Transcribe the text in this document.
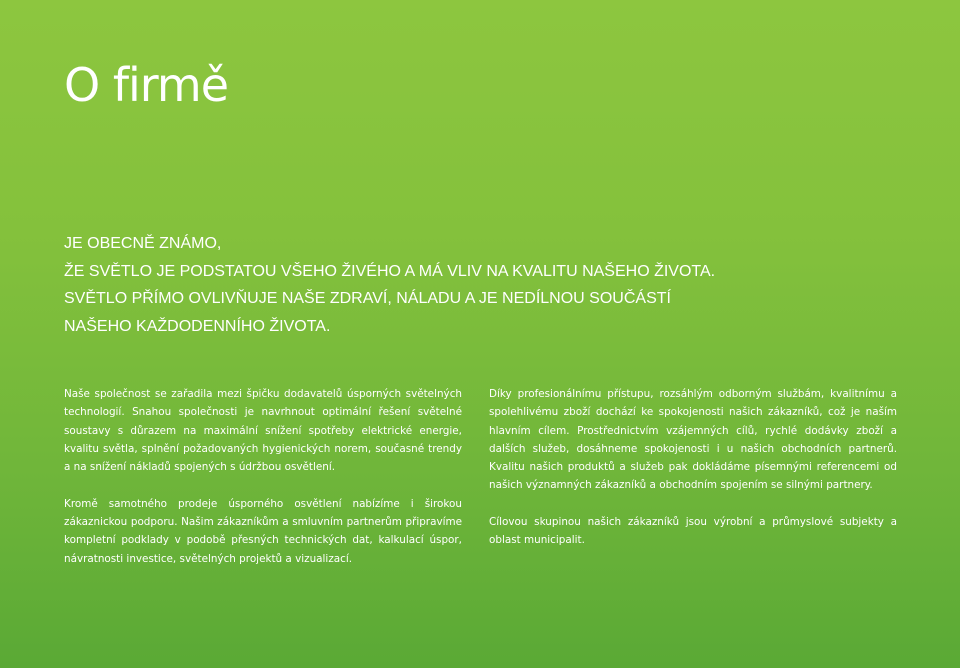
O firmě
JE OBECNĚ ZNÁMO,
ŽE SVĚTLO JE PODSTATOU VŠEHO ŽIVÉHO A MÁ VLIV NA KVALITU NAŠEHO ŽIVOTA.
SVĚTLO PŘÍMO OVLIVŇUJE NAŠE ZDRAVÍ, NÁLADU A JE NEDÍLNOU SOUČÁSTÍ
NAŠEHO KAŽDODENNÍHO ŽIVOTA.

Naše společnost se zařadila mezi špičku dodavatelů úsporných světelných technologií. Snahou společnosti je navrhnout optimální řešení světelné soustavy s důrazem na maximální snížení spotřeby elektrické energie, kvalitu světla, splnění požadovaných hygienických norem, současné trendy a na snížení nákladů spojených s údržbou osvětlení.

Kromě samotného prodeje úsporného osvětlení nabízíme i širokou zákaznickou podporu. Našim zákazníkům a smluvním partnerům připravíme kompletní podklady v podobě přesných technických dat, kalkulací úspor, návratnosti investice, světelných projektů a vizualizací.

Díky profesionálnímu přístupu, rozsáhlým odborným službám, kvalitnímu a spolehlivému zboží dochází ke spokojenosti našich zákazníků, což je naším hlavním cílem. Prostřednictvím vzájemných cílů, rychlé dodávky zboží a dalších služeb, dosáhneme spokojenosti i u našich obchodních partnerů. Kvalitu našich produktů a služeb pak dokládáme písemnými referencemi od našich významných zákazníků a obchodním spojením se silnými partnery.

Cílovou skupinou našich zákazníků jsou výrobní a průmyslové subjekty a oblast municipalit.
